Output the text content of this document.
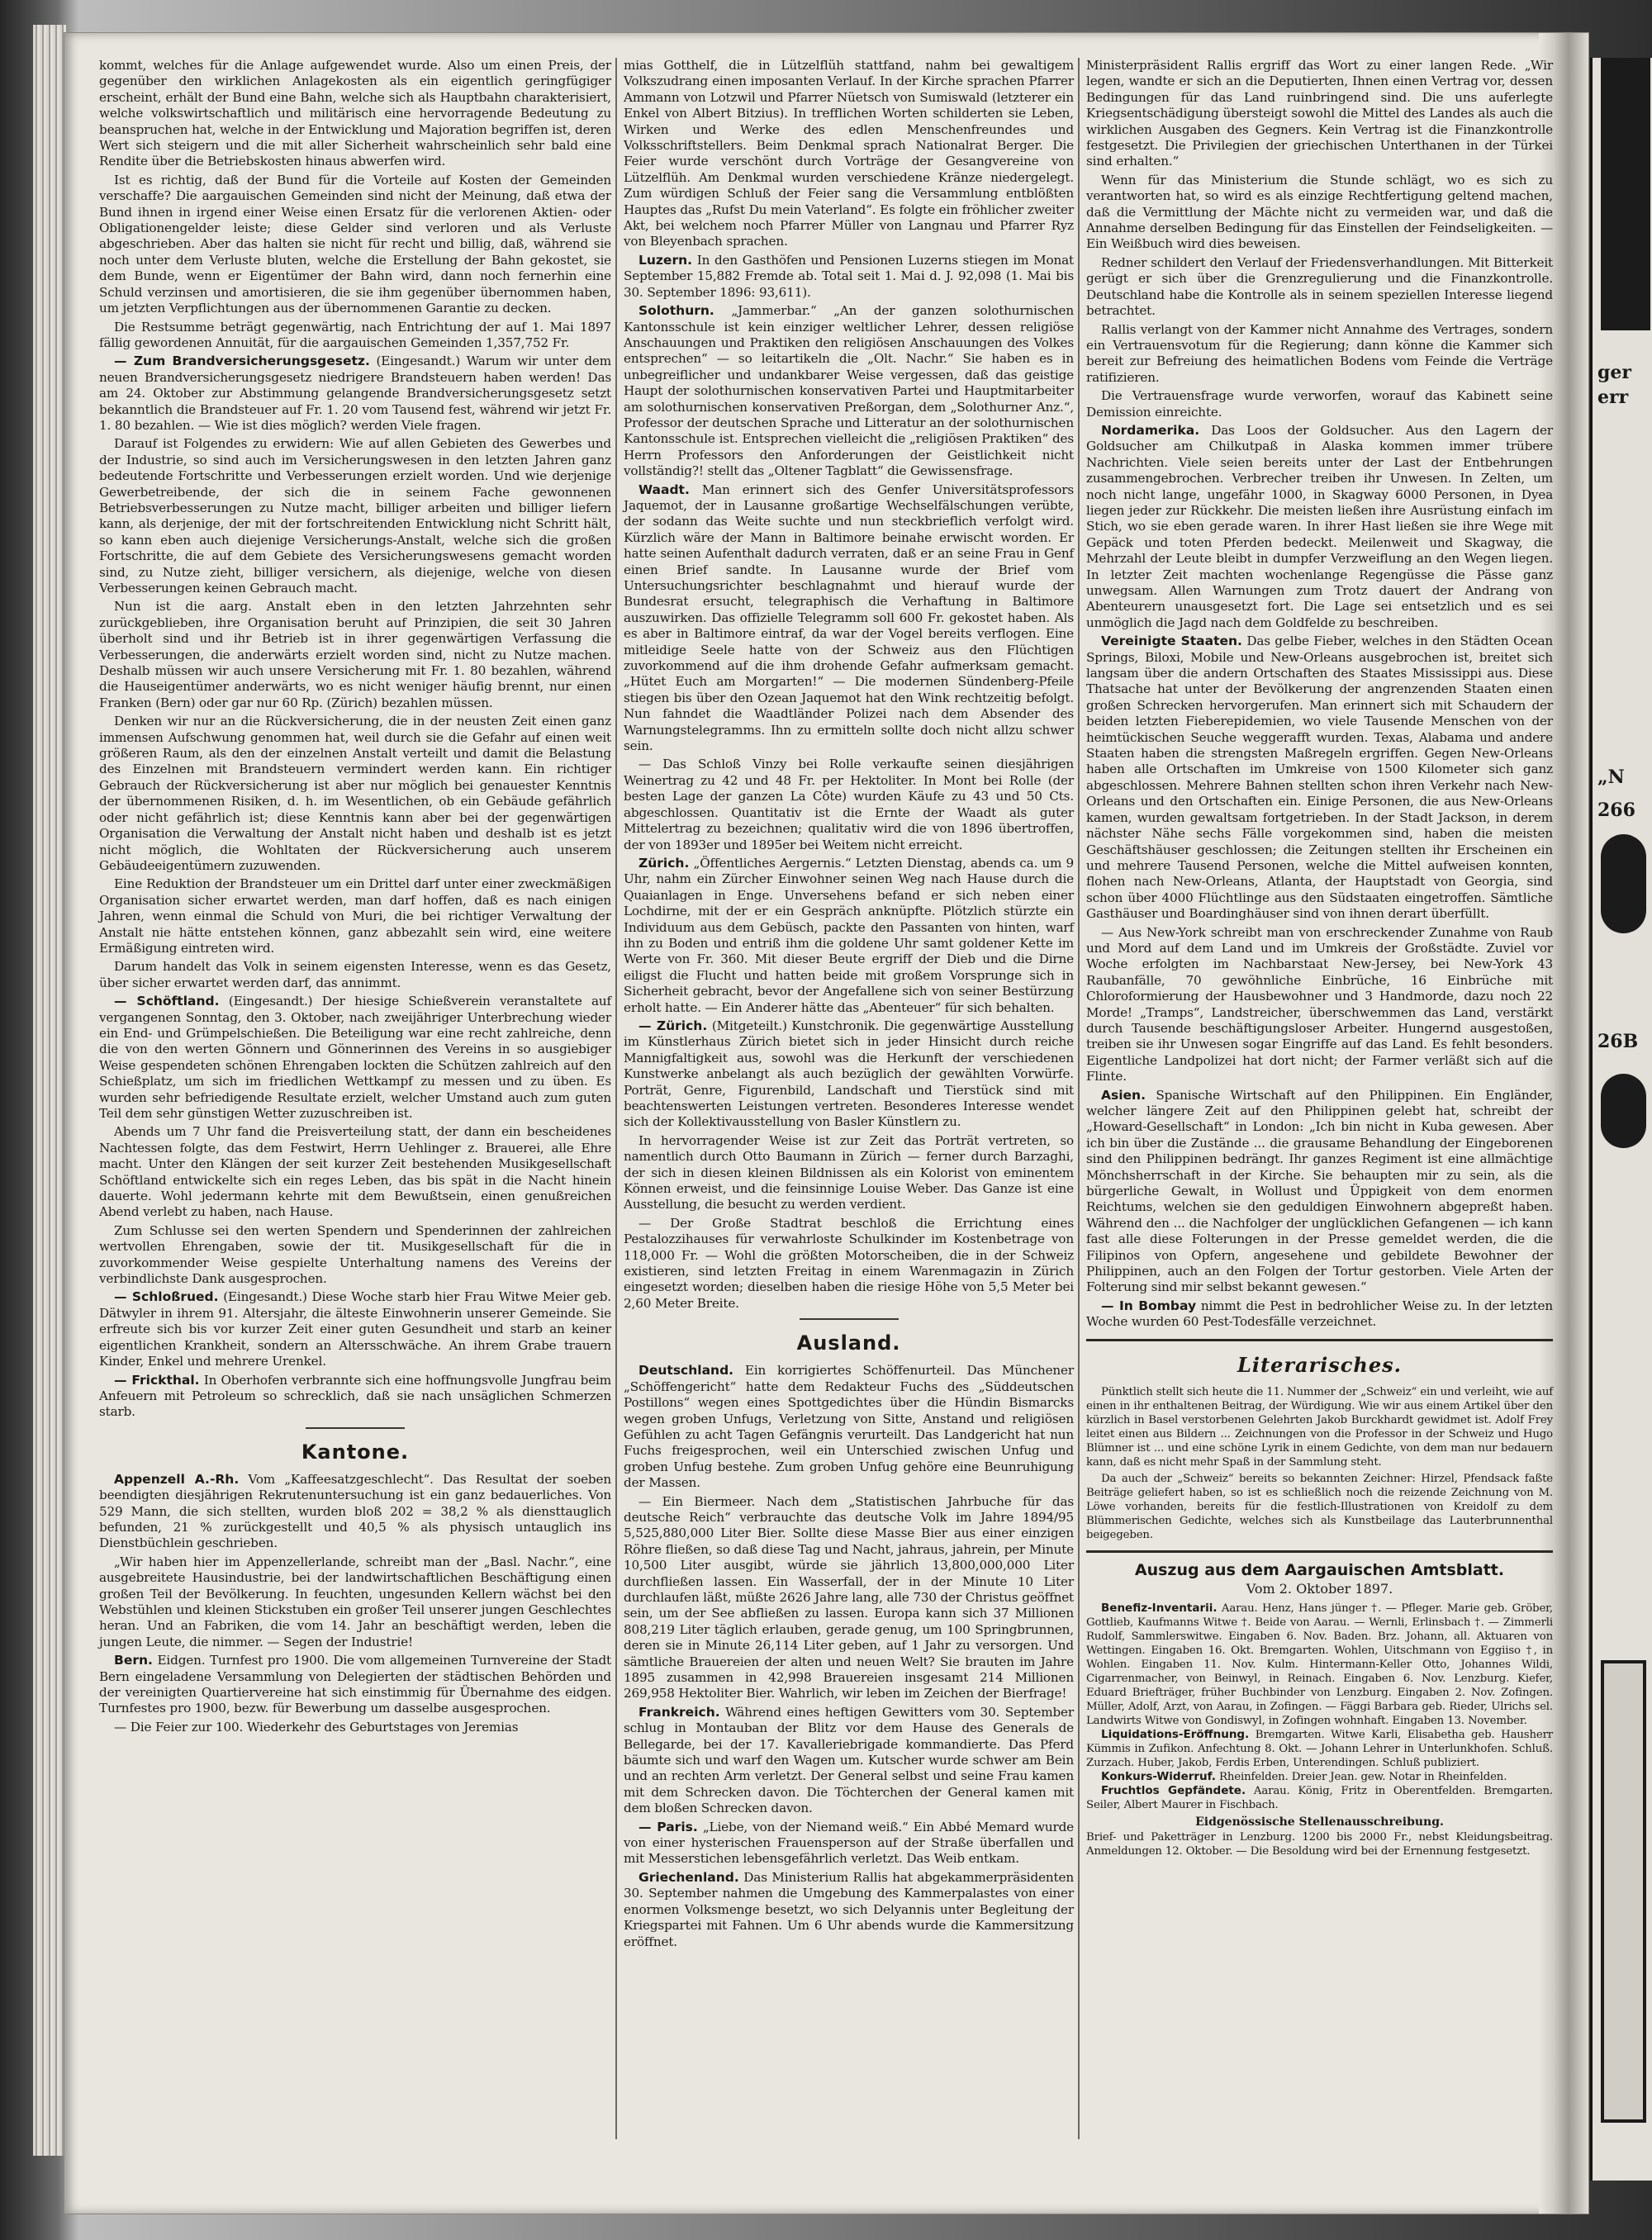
kommt, welches für die Anlage aufgewendet wurde. Also um einen Preis, der gegenüber den wirklichen Anlagekosten als ein eigentlich geringfügiger erscheint, erhält der Bund eine Bahn, welche sich als Hauptbahn charakterisiert, welche volkswirtschaftlich und militärisch eine hervorragende Bedeutung zu beanspruchen hat, welche in der Entwicklung und Majoration begriffen ist, deren Wert sich steigern und die mit aller Sicherheit wahrscheinlich sehr bald eine Rendite über die Betriebskosten hinaus abwerfen wird.

Ist es richtig, daß der Bund für die Vorteile auf Kosten der Gemeinden verschaffe? Die aargauischen Gemeinden sind nicht der Meinung, daß etwa der Bund ihnen in irgend einer Weise einen Ersatz für die verlorenen Aktien- oder Obligationengelder leiste; diese Gelder sind verloren und als Verluste abgeschrieben. Aber das halten sie nicht für recht und billig, daß, während sie noch unter dem Verluste bluten, welche die Erstellung der Bahn gekostet, sie dem Bunde, wenn er Eigentümer der Bahn wird, dann noch fernerhin eine Schuld verzinsen und amortisieren, die sie ihm gegenüber übernommen haben, um jetzten Verpflichtungen aus der übernommenen Garantie zu decken.

Die Restsumme beträgt gegenwärtig, nach Entrichtung der auf 1. Mai 1897 fällig gewordenen Annuität, für die aargauischen Gemeinden 1,357,752 Fr.

— Zum Brandversicherungsgesetz. (Eingesandt.) Warum wir unter dem neuen Brandversicherungsgesetz niedrigere Brandsteuern haben werden! Das am 24. Oktober zur Abstimmung gelangende Brandversicherungsgesetz setzt bekanntlich die Brandsteuer auf Fr. 1. 20 vom Tausend fest, während wir jetzt Fr. 1. 80 bezahlen. — Wie ist dies möglich? werden Viele fragen.

Darauf ist Folgendes zu erwidern: Wie auf allen Gebieten des Gewerbes und der Industrie, so sind auch im Versicherungswesen in den letzten Jahren ganz bedeutende Fortschritte und Verbesserungen erzielt worden. Und wie derjenige Gewerbetreibende, der sich die in seinem Fache gewonnenen Betriebsverbesserungen zu Nutze macht, billiger arbeiten und billiger liefern kann, als derjenige, der mit der fortschreitenden Entwicklung nicht Schritt hält, so kann eben auch diejenige Versicherungs-Anstalt, welche sich die großen Fortschritte, die auf dem Gebiete des Versicherungswesens gemacht worden sind, zu Nutze zieht, billiger versichern, als diejenige, welche von diesen Verbesserungen keinen Gebrauch macht.

Nun ist die aarg. Anstalt eben in den letzten Jahrzehnten sehr zurückgeblieben, ihre Organisation beruht auf Prinzipien, die seit 30 Jahren überholt sind und ihr Betrieb ist in ihrer gegenwärtigen Verfassung die Verbesserungen, die anderwärts erzielt worden sind, nicht zu Nutze machen. Deshalb müssen wir auch unsere Versicherung mit Fr. 1. 80 bezahlen, während die Hauseigentümer anderwärts, wo es nicht weniger häufig brennt, nur einen Franken (Bern) oder gar nur 60 Rp. (Zürich) bezahlen müssen.

Denken wir nur an die Rückversicherung, die in der neusten Zeit einen ganz immensen Aufschwung genommen hat, weil durch sie die Gefahr auf einen weit größeren Raum, als den der einzelnen Anstalt verteilt und damit die Belastung des Einzelnen mit Brandsteuern vermindert werden kann. Ein richtiger Gebrauch der Rückversicherung ist aber nur möglich bei genauester Kenntnis der übernommenen Risiken, d. h. im Wesentlichen, ob ein Gebäude gefährlich oder nicht gefährlich ist; diese Kenntnis kann aber bei der gegenwärtigen Organisation die Verwaltung der Anstalt nicht haben und deshalb ist es jetzt nicht möglich, die Wohltaten der Rückversicherung auch unserem Gebäudeeigentümern zuzuwenden.

Eine Reduktion der Brandsteuer um ein Drittel darf unter einer zweckmäßigen Organisation sicher erwartet werden, man darf hoffen, daß es nach einigen Jahren, wenn einmal die Schuld von Muri, die bei richtiger Verwaltung der Anstalt nie hätte entstehen können, ganz abbezahlt sein wird, eine weitere Ermäßigung eintreten wird.

Darum handelt das Volk in seinem eigensten Interesse, wenn es das Gesetz, über sicher erwartet werden darf, das annimmt.

— Schöftland. (Eingesandt.) Der hiesige Schießverein veranstaltete auf vergangenen Sonntag, den 3. Oktober, nach zweijähriger Unterbrechung wieder ein End- und Grümpelschießen. Die Beteiligung war eine recht zahlreiche, denn die von den werten Gönnern und Gönnerinnen des Vereins in so ausgiebiger Weise gespendeten schönen Ehrengaben lockten die Schützen zahlreich auf den Schießplatz, um sich im friedlichen Wettkampf zu messen und zu üben. Es wurden sehr befriedigende Resultate erzielt, welcher Umstand auch zum guten Teil dem sehr günstigen Wetter zuzuschreiben ist.

Abends um 7 Uhr fand die Preisverteilung statt, der dann ein bescheidenes Nachtessen folgte, das dem Festwirt, Herrn Uehlinger z. Brauerei, alle Ehre macht. Unter den Klängen der seit kurzer Zeit bestehenden Musikgesellschaft Schöftland entwickelte sich ein reges Leben, das bis spät in die Nacht hinein dauerte. Wohl jedermann kehrte mit dem Bewußtsein, einen genußreichen Abend verlebt zu haben, nach Hause.

Zum Schlusse sei den werten Spendern und Spenderinnen der zahlreichen wertvollen Ehrengaben, sowie der tit. Musikgesellschaft für die in zuvorkommender Weise gespielte Unterhaltung namens des Vereins der verbindlichste Dank ausgesprochen.

— Schloßrued. (Eingesandt.) Diese Woche starb hier Frau Witwe Meier geb. Dätwyler in ihrem 91. Altersjahr, die älteste Einwohnerin unserer Gemeinde. Sie erfreute sich bis vor kurzer Zeit einer guten Gesundheit und starb an keiner eigentlichen Krankheit, sondern an Altersschwäche. An ihrem Grabe trauern Kinder, Enkel und mehrere Urenkel.

— Frickthal. In Oberhofen verbrannte sich eine hoffnungsvolle Jungfrau beim Anfeuern mit Petroleum so schrecklich, daß sie nach unsäglichen Schmerzen starb.

Kantone.

Appenzell A.-Rh. Vom „Kaffeesatzgeschlecht“. Das Resultat der soeben beendigten diesjährigen Rekrutenuntersuchung ist ein ganz bedauerliches. Von 529 Mann, die sich stellten, wurden bloß 202 = 38,2 % als diensttauglich befunden, 21 % zurückgestellt und 40,5 % als physisch untauglich ins Dienstbüchlein geschrieben.

„Wir haben hier im Appenzellerlande, schreibt man der „Basl. Nachr.“, eine ausgebreitete Hausindustrie, bei der landwirtschaftlichen Beschäftigung einen großen Teil der Bevölkerung. In feuchten, ungesunden Kellern wächst bei den Webstühlen und kleinen Stickstuben ein großer Teil unserer jungen Geschlechtes heran. Und an Fabriken, die vom 14. Jahr an beschäftigt werden, leben die jungen Leute, die nimmer. — Segen der Industrie!

Bern. Eidgen. Turnfest pro 1900. Die vom allgemeinen Turnvereine der Stadt Bern eingeladene Versammlung von Delegierten der städtischen Behörden und der vereinigten Quartiervereine hat sich einstimmig für Übernahme des eidgen. Turnfestes pro 1900, bezw. für Bewerbung um dasselbe ausgesprochen.

— Die Feier zur 100. Wiederkehr des Geburtstages von Jeremias

mias Gotthelf, die in Lützelflüh stattfand, nahm bei gewaltigem Volkszudrang einen imposanten Verlauf. In der Kirche sprachen Pfarrer Ammann von Lotzwil und Pfarrer Nüetsch von Sumiswald (letzterer ein Enkel von Albert Bitzius). In trefflichen Worten schilderten sie Leben, Wirken und Werke des edlen Menschenfreundes und Volksschriftstellers. Beim Denkmal sprach Nationalrat Berger. Die Feier wurde verschönt durch Vorträge der Gesangvereine von Lützelflüh. Am Denkmal wurden verschiedene Kränze niedergelegt. Zum würdigen Schluß der Feier sang die Versammlung entblößten Hauptes das „Rufst Du mein Vaterland“. Es folgte ein fröhlicher zweiter Akt, bei welchem noch Pfarrer Müller von Langnau und Pfarrer Ryz von Bleyenbach sprachen.

Luzern. In den Gasthöfen und Pensionen Luzerns stiegen im Monat September 15,882 Fremde ab. Total seit 1. Mai d. J. 92,098 (1. Mai bis 30. September 1896: 93,611).

Solothurn. „Jammerbar.“ „An der ganzen solothurnischen Kantonsschule ist kein einziger weltlicher Lehrer, dessen religiöse Anschauungen und Praktiken den religiösen Anschauungen des Volkes entsprechen“ — so leitartikeln die „Olt. Nachr.“ Sie haben es in unbegreiflicher und undankbarer Weise vergessen, daß das geistige Haupt der solothurnischen konservativen Partei und Hauptmitarbeiter am solothurnischen konservativen Preßorgan, dem „Solothurner Anz.“, Professor der deutschen Sprache und Litteratur an der solothurnischen Kantonsschule ist. Entsprechen vielleicht die „religiösen Praktiken“ des Herrn Professors den Anforderungen der Geistlichkeit nicht vollständig?! stellt das „Oltener Tagblatt“ die Gewissensfrage.

Waadt. Man erinnert sich des Genfer Universitätsprofessors Jaquemot, der in Lausanne großartige Wechselfälschungen verübte, der sodann das Weite suchte und nun steckbrieflich verfolgt wird. Kürzlich wäre der Mann in Baltimore beinahe erwischt worden. Er hatte seinen Aufenthalt dadurch verraten, daß er an seine Frau in Genf einen Brief sandte. In Lausanne wurde der Brief vom Untersuchungsrichter beschlagnahmt und hierauf wurde der Bundesrat ersucht, telegraphisch die Verhaftung in Baltimore auszuwirken. Das offizielle Telegramm soll 600 Fr. gekostet haben. Als es aber in Baltimore eintraf, da war der Vogel bereits verflogen. Eine mitleidige Seele hatte von der Schweiz aus den Flüchtigen zuvorkommend auf die ihm drohende Gefahr aufmerksam gemacht. „Hütet Euch am Morgarten!“ — Die modernen Sündenberg-Pfeile stiegen bis über den Ozean Jaquemot hat den Wink rechtzeitig befolgt. Nun fahndet die Waadtländer Polizei nach dem Absender des Warnungstelegramms. Ihn zu ermitteln sollte doch nicht allzu schwer sein.

— Das Schloß Vinzy bei Rolle verkaufte seinen diesjährigen Weinertrag zu 42 und 48 Fr. per Hektoliter. In Mont bei Rolle (der besten Lage der ganzen La Côte) wurden Käufe zu 43 und 50 Cts. abgeschlossen. Quantitativ ist die Ernte der Waadt als guter Mittelertrag zu bezeichnen; qualitativ wird die von 1896 übertroffen, der von 1893er und 1895er bei Weitem nicht erreicht.

Zürich. „Öffentliches Aergernis.“ Letzten Dienstag, abends ca. um 9 Uhr, nahm ein Zürcher Einwohner seinen Weg nach Hause durch die Quaianlagen in Enge. Unversehens befand er sich neben einer Lochdirne, mit der er ein Gespräch anknüpfte. Plötzlich stürzte ein Individuum aus dem Gebüsch, packte den Passanten von hinten, warf ihn zu Boden und entriß ihm die goldene Uhr samt goldener Kette im Werte von Fr. 360. Mit dieser Beute ergriff der Dieb und die Dirne eiligst die Flucht und hatten beide mit großem Vorsprunge sich in Sicherheit gebracht, bevor der Angefallene sich von seiner Bestürzung erholt hatte. — Ein Anderer hätte das „Abenteuer“ für sich behalten.

— Zürich. (Mitgeteilt.) Kunstchronik. Die gegenwärtige Ausstellung im Künstlerhaus Zürich bietet sich in jeder Hinsicht durch reiche Mannigfaltigkeit aus, sowohl was die Herkunft der verschiedenen Kunstwerke anbelangt als auch bezüglich der gewählten Vorwürfe. Porträt, Genre, Figurenbild, Landschaft und Tierstück sind mit beachtenswerten Leistungen vertreten. Besonderes Interesse wendet sich der Kollektivausstellung von Basler Künstlern zu.

In hervorragender Weise ist zur Zeit das Porträt vertreten, so namentlich durch Otto Baumann in Zürich — ferner durch Barzaghi, der sich in diesen kleinen Bildnissen als ein Kolorist von eminentem Können erweist, und die feinsinnige Louise Weber. Das Ganze ist eine Ausstellung, die besucht zu werden verdient.

— Der Große Stadtrat beschloß die Errichtung eines Pestalozzihauses für verwahrloste Schulkinder im Kostenbetrage von 118,000 Fr. — Wohl die größten Motorscheiben, die in der Schweiz existieren, sind letzten Freitag in einem Warenmagazin in Zürich eingesetzt worden; dieselben haben die riesige Höhe von 5,5 Meter bei 2,60 Meter Breite.

Ausland.

Deutschland. Ein korrigiertes Schöffenurteil. Das Münchener „Schöffengericht“ hatte dem Redakteur Fuchs des „Süddeutschen Postillons“ wegen eines Spottgedichtes über die Hündin Bismarcks wegen groben Unfugs, Verletzung von Sitte, Anstand und religiösen Gefühlen zu acht Tagen Gefängnis verurteilt. Das Landgericht hat nun Fuchs freigesprochen, weil ein Unterschied zwischen Unfug und groben Unfug bestehe. Zum groben Unfug gehöre eine Beunruhigung der Massen.

— Ein Biermeer. Nach dem „Statistischen Jahrbuche für das deutsche Reich“ verbrauchte das deutsche Volk im Jahre 1894/95 5,525,880,000 Liter Bier. Sollte diese Masse Bier aus einer einzigen Röhre fließen, so daß diese Tag und Nacht, jahraus, jahrein, per Minute 10,500 Liter ausgibt, würde sie jährlich 13,800,000,000 Liter durchfließen lassen. Ein Wasserfall, der in der Minute 10 Liter durchlaufen läßt, müßte 2626 Jahre lang, alle 730 der Christus geöffnet sein, um der See abfließen zu lassen. Europa kann sich 37 Millionen 808,219 Liter täglich erlauben, gerade genug, um 100 Springbrunnen, deren sie in Minute 26,114 Liter geben, auf 1 Jahr zu versorgen. Und sämtliche Brauereien der alten und neuen Welt? Sie brauten im Jahre 1895 zusammen in 42,998 Brauereien insgesamt 214 Millionen 269,958 Hektoliter Bier. Wahrlich, wir leben im Zeichen der Bierfrage!

Frankreich. Während eines heftigen Gewitters vom 30. September schlug in Montauban der Blitz vor dem Hause des Generals de Bellegarde, bei der 17. Kavalleriebrigade kommandierte. Das Pferd bäumte sich und warf den Wagen um. Kutscher wurde schwer am Bein und an rechten Arm verletzt. Der General selbst und seine Frau kamen mit dem Schrecken davon. Die Töchterchen der General kamen mit dem bloßen Schrecken davon.

— Paris. „Liebe, von der Niemand weiß.“ Ein Abbé Memard wurde von einer hysterischen Frauensperson auf der Straße überfallen und mit Messerstichen lebensgefährlich verletzt. Das Weib entkam.

Griechenland. Das Ministerium Rallis hat abgekammerpräsidenten 30. September nahmen die Umgebung des Kammerpalastes von einer enormen Volksmenge besetzt, wo sich Delyannis unter Begleitung der Kriegspartei mit Fahnen. Um 6 Uhr abends wurde die Kammersitzung eröffnet.

Ministerpräsident Rallis ergriff das Wort zu einer langen Rede. „Wir legen, wandte er sich an die Deputierten, Ihnen einen Vertrag vor, dessen Bedingungen für das Land ruinbringend sind. Die uns auferlegte Kriegsentschädigung übersteigt sowohl die Mittel des Landes als auch die wirklichen Ausgaben des Gegners. Kein Vertrag ist die Finanzkontrolle festgesetzt. Die Privilegien der griechischen Unterthanen in der Türkei sind erhalten.“

Wenn für das Ministerium die Stunde schlägt, wo es sich zu verantworten hat, so wird es als einzige Rechtfertigung geltend machen, daß die Vermittlung der Mächte nicht zu vermeiden war, und daß die Annahme derselben Bedingung für das Einstellen der Feindseligkeiten. — Ein Weißbuch wird dies beweisen.

Redner schildert den Verlauf der Friedensverhandlungen. Mit Bitterkeit gerügt er sich über die Grenzregulierung und die Finanzkontrolle. Deutschland habe die Kontrolle als in seinem speziellen Interesse liegend betrachtet.

Rallis verlangt von der Kammer nicht Annahme des Vertrages, sondern ein Vertrauensvotum für die Regierung; dann könne die Kammer sich bereit zur Befreiung des heimatlichen Bodens vom Feinde die Verträge ratifizieren.

Die Vertrauensfrage wurde verworfen, worauf das Kabinett seine Demission einreichte.

Nordamerika. Das Loos der Goldsucher. Aus den Lagern der Goldsucher am Chilkutpaß in Alaska kommen immer trübere Nachrichten. Viele seien bereits unter der Last der Entbehrungen zusammengebrochen. Verbrecher treiben ihr Unwesen. In Zelten, um noch nicht lange, ungefähr 1000, in Skagway 6000 Personen, in Dyea liegen jeder zur Rückkehr. Die meisten ließen ihre Ausrüstung einfach im Stich, wo sie eben gerade waren. In ihrer Hast ließen sie ihre Wege mit Gepäck und toten Pferden bedeckt. Meilenweit und Skagway, die Mehrzahl der Leute bleibt in dumpfer Verzweiflung an den Wegen liegen. In letzter Zeit machten wochenlange Regengüsse die Pässe ganz unwegsam. Allen Warnungen zum Trotz dauert der Andrang von Abenteurern unausgesetzt fort. Die Lage sei entsetzlich und es sei unmöglich die Jagd nach dem Goldfelde zu beschreiben.

Vereinigte Staaten. Das gelbe Fieber, welches in den Städten Ocean Springs, Biloxi, Mobile und New-Orleans ausgebrochen ist, breitet sich langsam über die andern Ortschaften des Staates Mississippi aus. Diese Thatsache hat unter der Bevölkerung der angrenzenden Staaten einen großen Schrecken hervorgerufen. Man erinnert sich mit Schaudern der beiden letzten Fieberepidemien, wo viele Tausende Menschen von der heimtückischen Seuche weggerafft wurden. Texas, Alabama und andere Staaten haben die strengsten Maßregeln ergriffen. Gegen New-Orleans haben alle Ortschaften im Umkreise von 1500 Kilometer sich ganz abgeschlossen. Mehrere Bahnen stellten schon ihren Verkehr nach New-Orleans und den Ortschaften ein. Einige Personen, die aus New-Orleans kamen, wurden gewaltsam fortgetrieben. In der Stadt Jackson, in derem nächster Nähe sechs Fälle vorgekommen sind, haben die meisten Geschäftshäuser geschlossen; die Zeitungen stellten ihr Erscheinen ein und mehrere Tausend Personen, welche die Mittel aufweisen konnten, flohen nach New-Orleans, Atlanta, der Hauptstadt von Georgia, sind schon über 4000 Flüchtlinge aus den Südstaaten eingetroffen. Sämtliche Gasthäuser und Boardinghäuser sind von ihnen derart überfüllt.

— Aus New-York schreibt man von erschreckender Zunahme von Raub und Mord auf dem Land und im Umkreis der Großstädte. Zuviel vor Woche erfolgten im Nachbarstaat New-Jersey, bei New-York 43 Raubanfälle, 70 gewöhnliche Einbrüche, 16 Einbrüche mit Chloroformierung der Hausbewohner und 3 Handmorde, dazu noch 22 Morde! „Tramps“, Landstreicher, überschwemmen das Land, verstärkt durch Tausende beschäftigungsloser Arbeiter. Hungernd ausgestoßen, treiben sie ihr Unwesen sogar Eingriffe auf das Land. Es fehlt besonders. Eigentliche Landpolizei hat dort nicht; der Farmer verläßt sich auf die Flinte.

Asien. Spanische Wirtschaft auf den Philippinen. Ein Engländer, welcher längere Zeit auf den Philippinen gelebt hat, schreibt der „Howard-Gesellschaft“ in London: „Ich bin nicht in Kuba gewesen. Aber ich bin über die Zustände ... die grausame Behandlung der Eingeborenen sind den Philippinen bedrängt. Ihr ganzes Regiment ist eine allmächtige Mönchsherrschaft in der Kirche. Sie behaupten mir zu sein, als die bürgerliche Gewalt, in Wollust und Üppigkeit von dem enormen Reichtums, welchen sie den geduldigen Einwohnern abgepreßt haben. Während den ... die Nachfolger der unglücklichen Gefangenen — ich kann fast alle diese Folterungen in der Presse gemeldet werden, die die Filipinos von Opfern, angesehene und gebildete Bewohner der Philippinen, auch an den Folgen der Tortur gestorben. Viele Arten der Folterung sind mir selbst bekannt gewesen.“

— In Bombay nimmt die Pest in bedrohlicher Weise zu. In der letzten Woche wurden 60 Pest-Todesfälle verzeichnet.

Literarisches.
Pünktlich stellt sich heute die 11. Nummer der „Schweiz“ ein und verleiht, wie auf einen in ihr enthaltenen Beitrag, der Würdigung. Wie wir aus einem Artikel über den kürzlich in Basel verstorbenen Gelehrten Jakob Burckhardt gewidmet ist. Adolf Frey leitet einen aus Bildern ... Zeichnungen von die Professor in der Schweiz und Hugo Blümner ist ... und eine schöne Lyrik in einem Gedichte, von dem man nur bedauern kann, daß es nicht mehr Spaß in der Sammlung steht.
Da auch der „Schweiz“ bereits so bekannten Zeichner: Hirzel, Pfendsack faßte Beiträge geliefert haben, so ist es schließlich noch die reizende Zeichnung von M. Löwe vorhanden, bereits für die festlich-Illustrationen von Kreidolf zu dem Blümmerischen Gedichte, welches sich als Kunstbeilage das Lauterbrunnenthal beigegeben.
Auszug aus dem Aargauischen Amtsblatt.
Vom 2. Oktober 1897.

Benefiz-Inventarii. Aarau. Henz, Hans jünger †. — Pfleger. Marie geb. Gröber, Gottlieb, Kaufmanns Witwe †. Beide von Aarau. — Wernli, Erlinsbach †. — Zimmerli Rudolf, Sammlerswitwe. Eingaben 6. Nov. Baden. Brz. Johann, all. Aktuaren von Wettingen. Eingaben 16. Okt. Bremgarten. Wohlen, Uitschmann von Eggiiso †, in Wohlen. Eingaben 11. Nov. Kulm. Hintermann-Keller Otto, Johannes Wildi, Cigarrenmacher, von Beinwyl, in Reinach. Eingaben 6. Nov. Lenzburg. Kiefer, Eduard Briefträger, früher Buchbinder von Lenzburg. Eingaben 2. Nov. Zofingen. Müller, Adolf, Arzt, von Aarau, in Zofingen. — Fäggi Barbara geb. Rieder, Ulrichs sel. Landwirts Witwe von Gondiswyl, in Zofingen wohnhaft. Eingaben 13. November.

Liquidations-Eröffnung. Bremgarten. Witwe Karli, Elisabetha geb. Hausherr Kümmis in Zufikon. Anfechtung 8. Okt. — Johann Lehrer in Unterlunkhofen. Schluß. Zurzach. Huber, Jakob, Ferdis Erben, Unterendingen. Schluß publiziert.

Konkurs-Widerruf. Rheinfelden. Dreier Jean. gew. Notar in Rheinfelden.

Fruchtlos Gepfändete. Aarau. König, Fritz in Oberentfelden. Bremgarten. Seiler, Albert Maurer in Fischbach.

Eidgenössische Stellenausschreibung.
Brief- und Paketträger in Lenzburg. 1200 bis 2000 Fr., nebst Kleidungsbeitrag. Anmeldungen 12. Oktober. — Die Besoldung wird bei der Ernennung festgesetzt.
ger
err
„N
266
26B
